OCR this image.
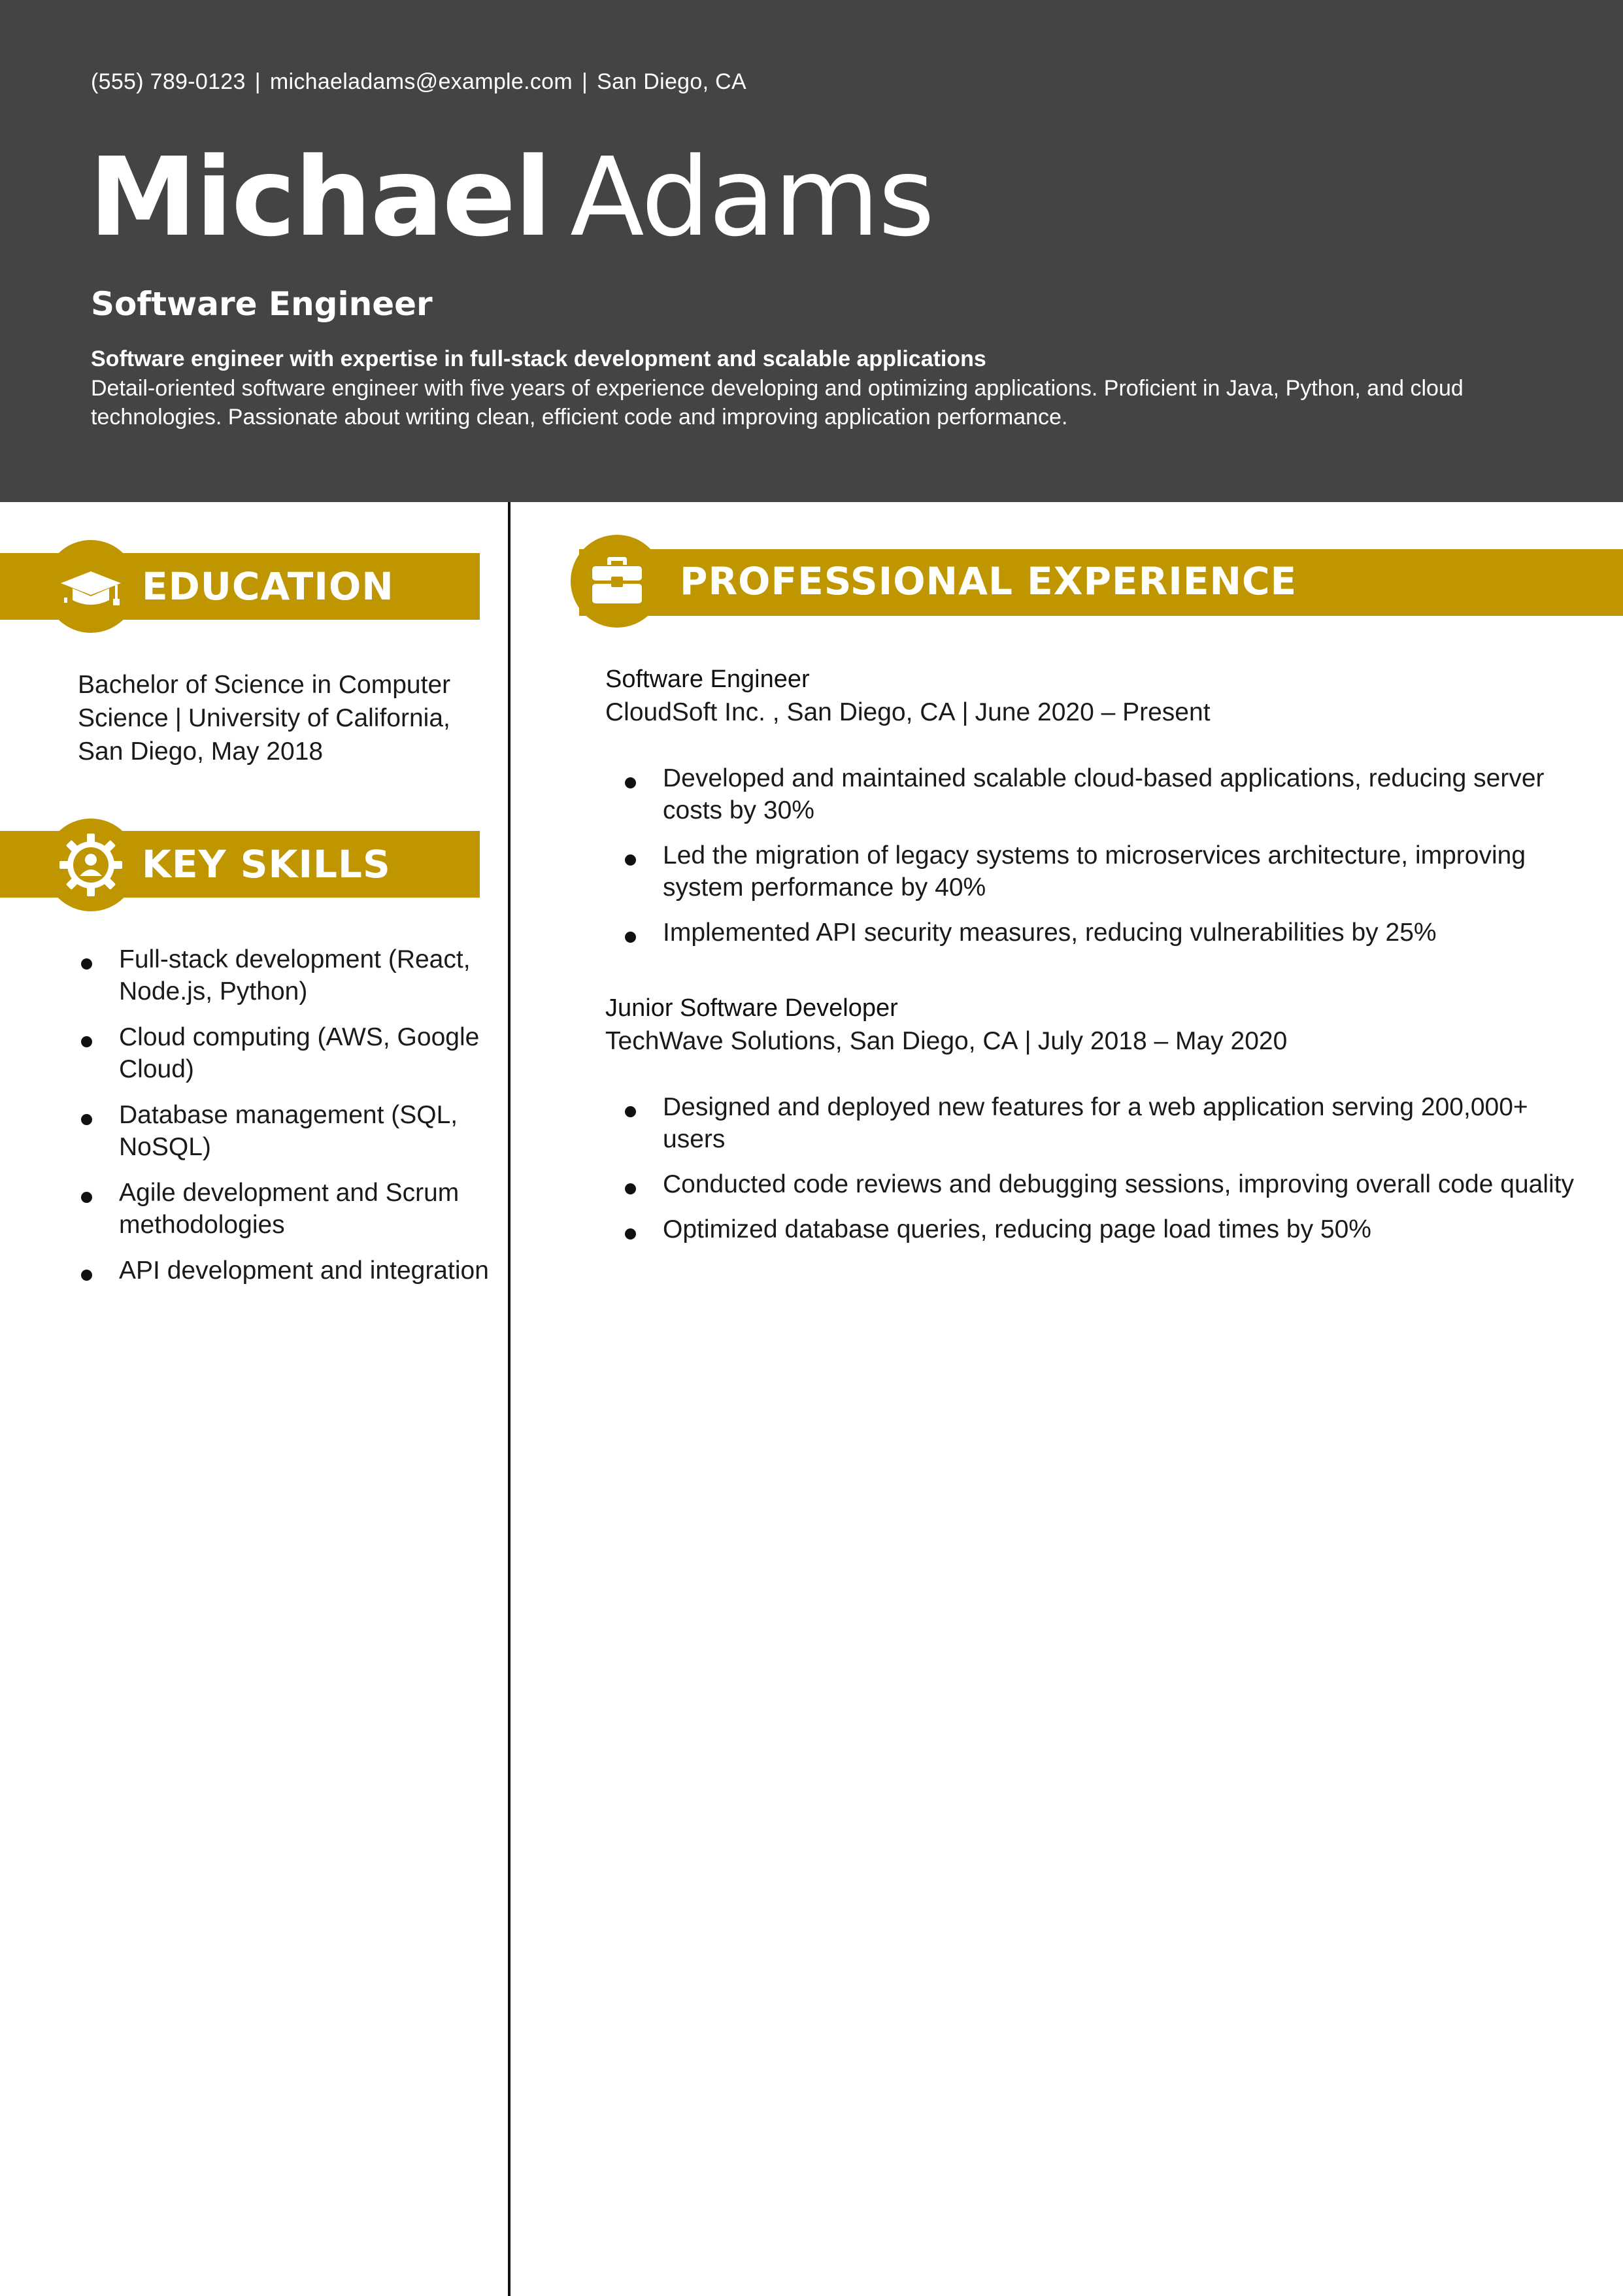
(555) 789-0123 | michaeladams@example.com | San Diego, CA
Michael Adams
Software Engineer
Software engineer with expertise in full-stack development and scalable applications
Detail-oriented software engineer with five years of experience developing and optimizing applications. Proficient in Java, Python, and cloud technologies. Passionate about writing clean, efficient code and improving application performance.
EDUCATION
Bachelor of Science in Computer Science | University of California, San Diego, May 2018
KEY SKILLS
Full-stack development (React, Node.js, Python)
Cloud computing (AWS, Google Cloud)
Database management (SQL, NoSQL)
Agile development and Scrum methodologies
API development and integration
PROFESSIONAL EXPERIENCE
Software Engineer
CloudSoft Inc. , San Diego, CA | June 2020 – Present
Developed and maintained scalable cloud-based applications, reducing server costs by 30%
Led the migration of legacy systems to microservices architecture, improving system performance by 40%
Implemented API security measures, reducing vulnerabilities by 25%
Junior Software Developer
TechWave Solutions, San Diego, CA | July 2018 – May 2020
Designed and deployed new features for a web application serving 200,000+ users
Conducted code reviews and debugging sessions, improving overall code quality
Optimized database queries, reducing page load times by 50%
